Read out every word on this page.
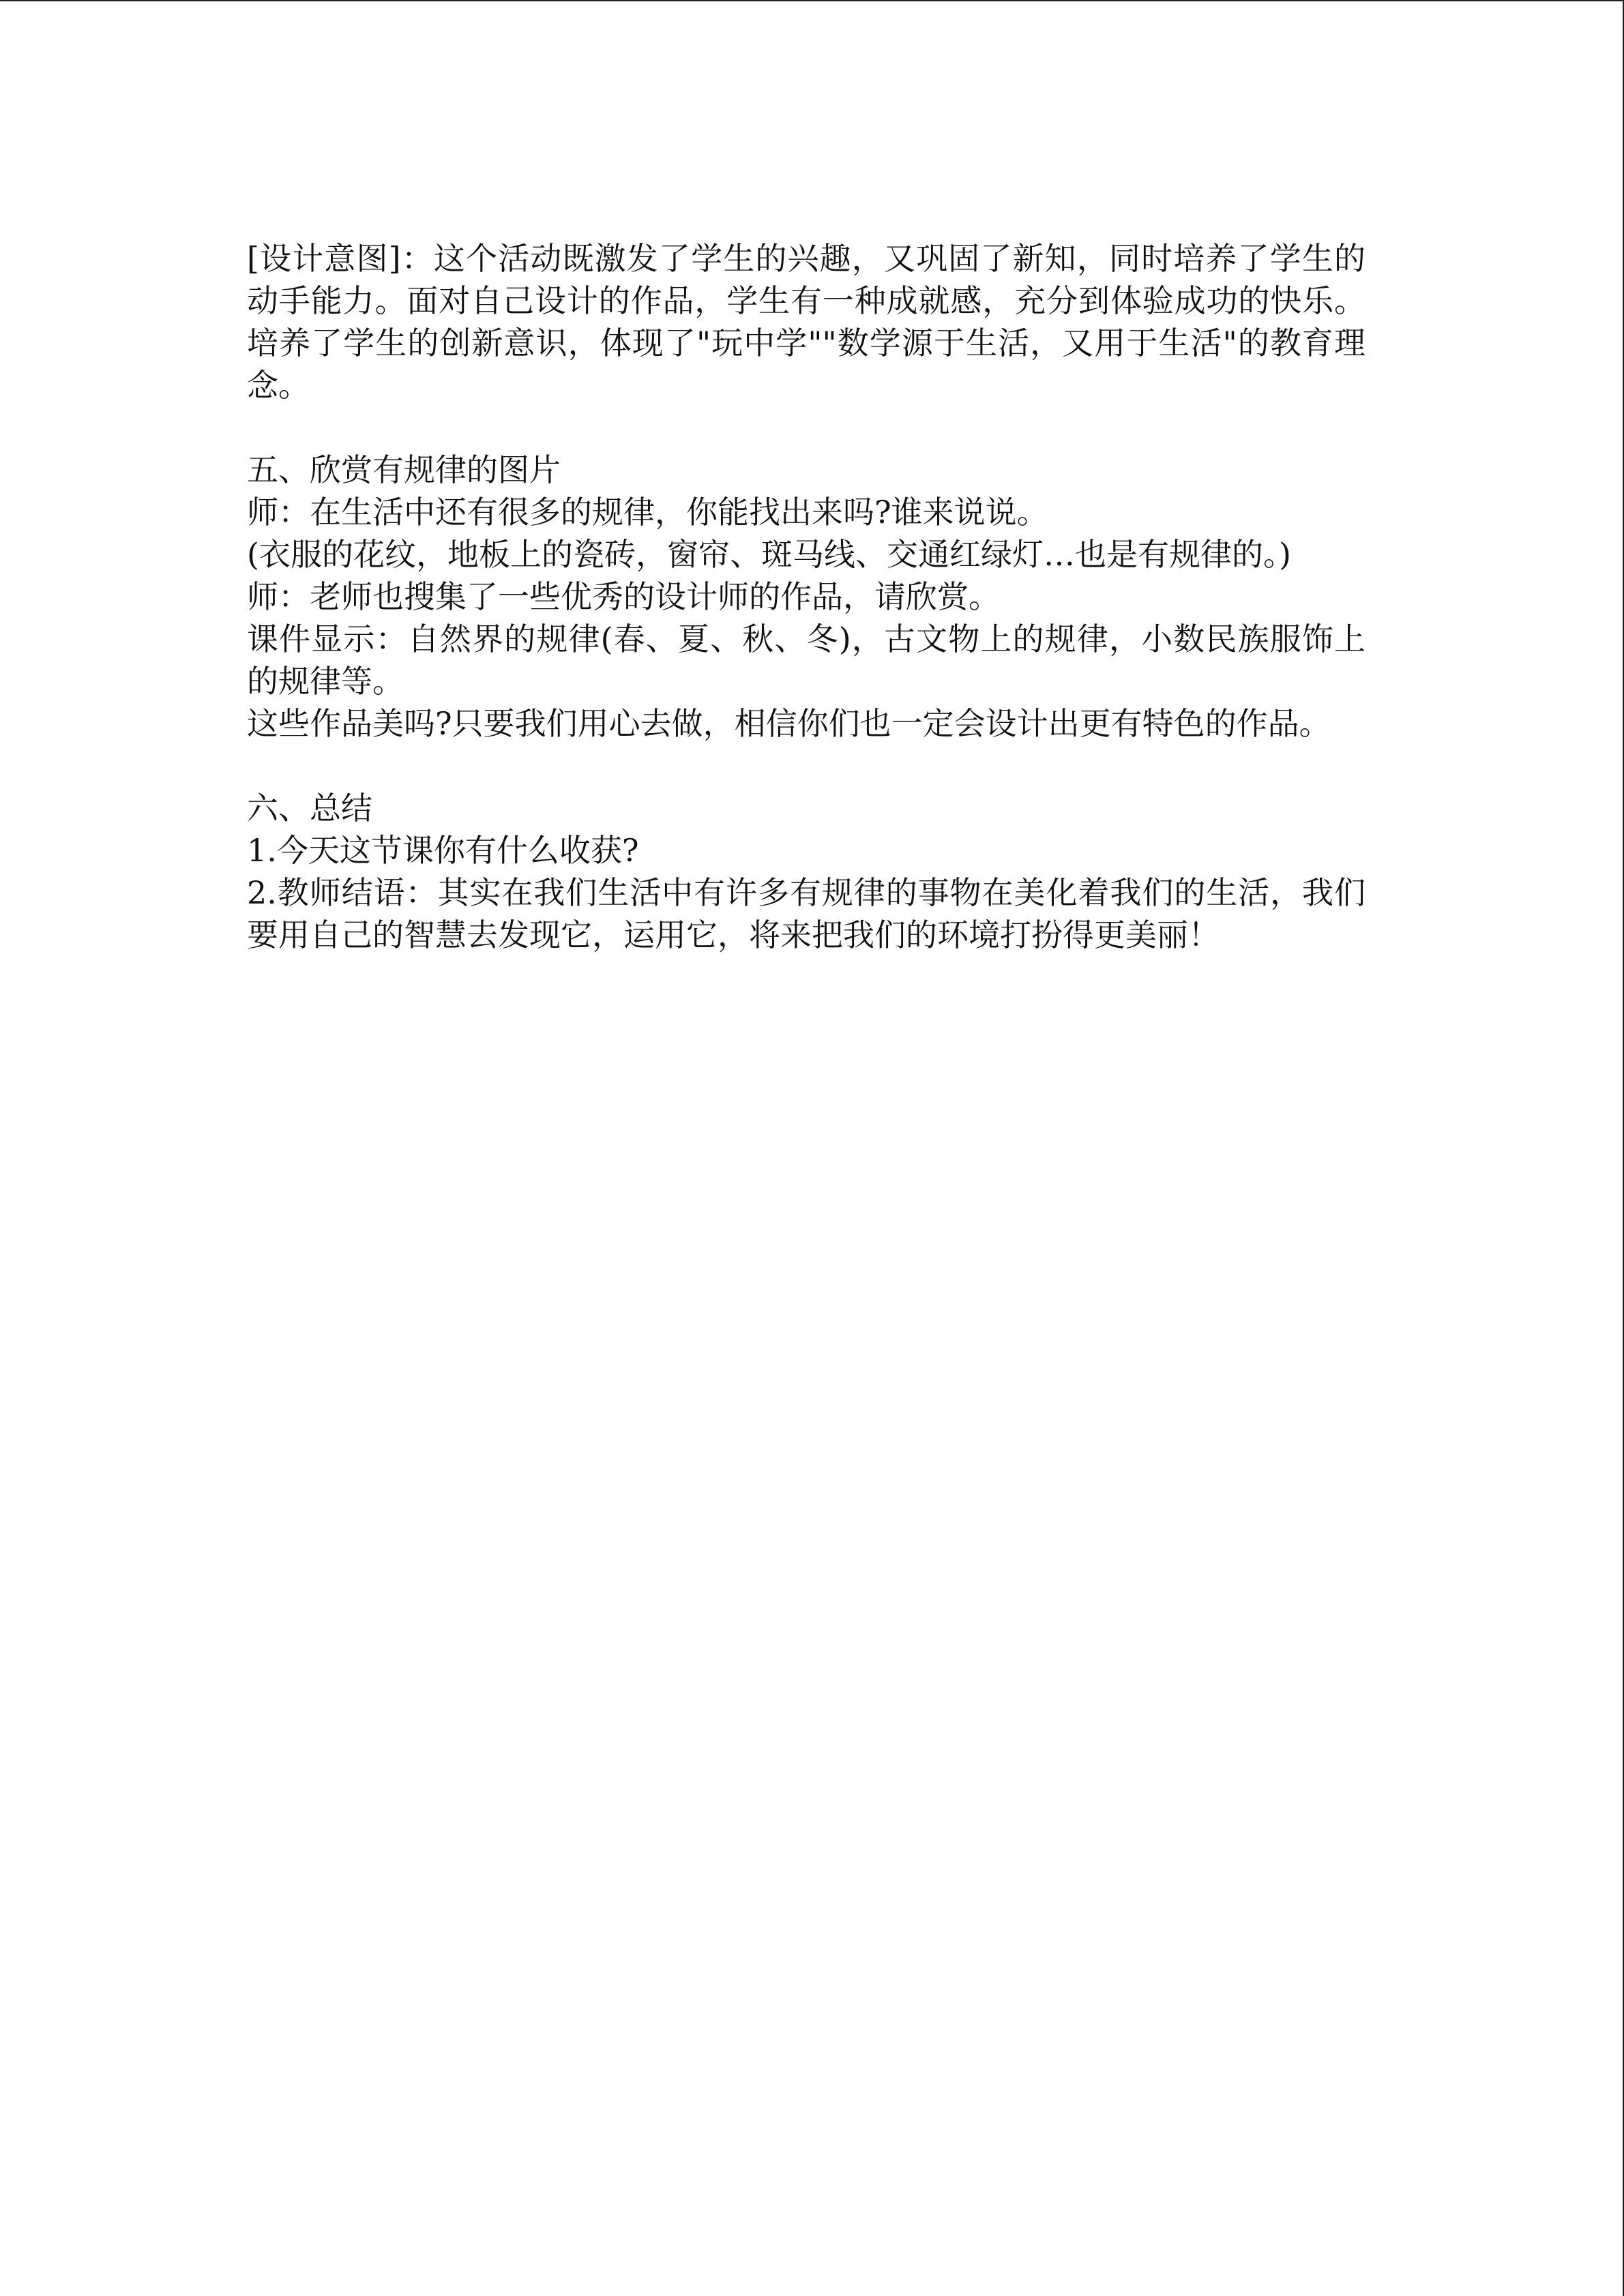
[设计意图]：这个活动既激发了学生的兴趣，又巩固了新知，同时培养了学生的动手能力。面对自己设计的作品，学生有一种成就感，充分到体验成功的快乐。培养了学生的创新意识，体现了"玩中学""数学源于生活，又用于生活"的教育理念。

五、欣赏有规律的图片

师：在生活中还有很多的规律，你能找出来吗?谁来说说。

(衣服的花纹，地板上的瓷砖，窗帘、斑马线、交通红绿灯…也是有规律的。)

师：老师也搜集了一些优秀的设计师的作品，请欣赏。

课件显示：自然界的规律(春、夏、秋、冬)，古文物上的规律，小数民族服饰上的规律等。

这些作品美吗?只要我们用心去做，相信你们也一定会设计出更有特色的作品。

六、总结

1.今天这节课你有什么收获?

2.教师结语：其实在我们生活中有许多有规律的事物在美化着我们的生活，我们要用自己的智慧去发现它，运用它，将来把我们的环境打扮得更美丽！
